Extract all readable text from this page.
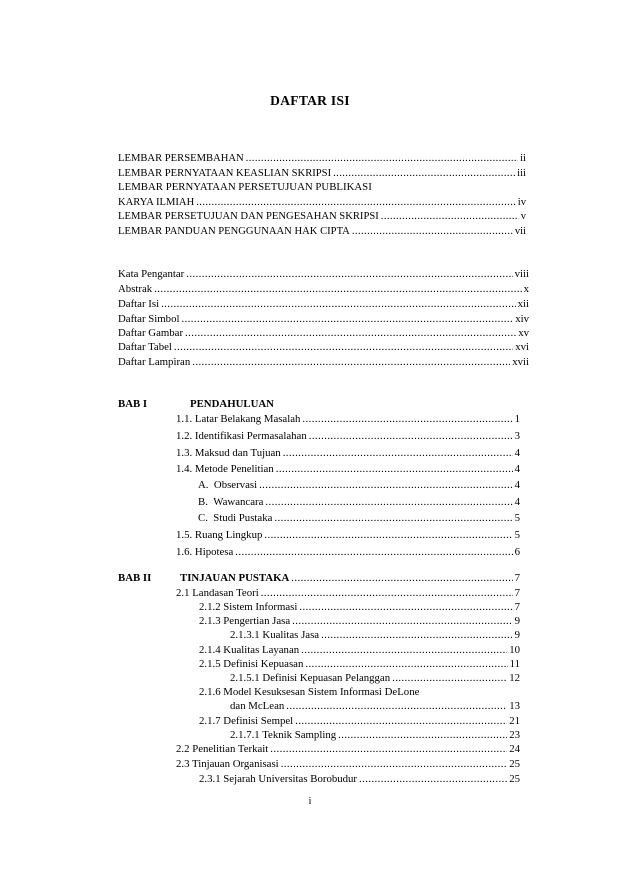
DAFTAR ISI
LEMBAR PERSEMBAHAN .....	ii
LEMBAR PERNYATAAN KEASLIAN SKRIPSI .....	iii
LEMBAR PERNYATAAN PERSETUJUAN PUBLIKASI
KARYA ILMIAH .....	iv
LEMBAR PERSETUJUAN DAN PENGESAHAN SKRIPSI .....	v
LEMBAR PANDUAN PENGGUNAAN HAK CIPTA .....	vii
Kata Pengantar .....	viii
Abstrak .....	x
Daftar Isi .....	xii
Daftar Simbol .....	xiv
Daftar Gambar .....	xv
Daftar Tabel .....	xvi
Daftar Lampiran .....	xvii
BAB I	PENDAHULUAN
1.1. Latar Belakang Masalah .....	1
1.2. Identifikasi Permasalahan .....	3
1.3. Maksud dan Tujuan .....	4
1.4. Metode Penelitian .....	4
A.  Observasi .....	4
B.  Wawancara .....	4
C.  Studi Pustaka .....	5
1.5. Ruang Lingkup .....	5
1.6. Hipotesa .....	6
BAB II	TINJAUAN PUSTAKA .....	7
2.1 Landasan Teori .....	7
2.1.2 Sistem Informasi .....	7
2.1.3 Pengertian Jasa .....	9
2.1.3.1 Kualitas Jasa .....	9
2.1.4 Kualitas Layanan .....	10
2.1.5 Definisi Kepuasan .....	11
2.1.5.1 Definisi Kepuasan Pelanggan .....	12
2.1.6 Model Kesuksesan Sistem Informasi DeLone
dan McLean .....	13
2.1.7 Definisi Sempel .....	21
2.1.7.1 Teknik Sampling .....	23
2.2 Penelitian Terkait .....	24
2.3 Tinjauan Organisasi .....	25
2.3.1 Sejarah Universitas Borobudur .....	25
i
